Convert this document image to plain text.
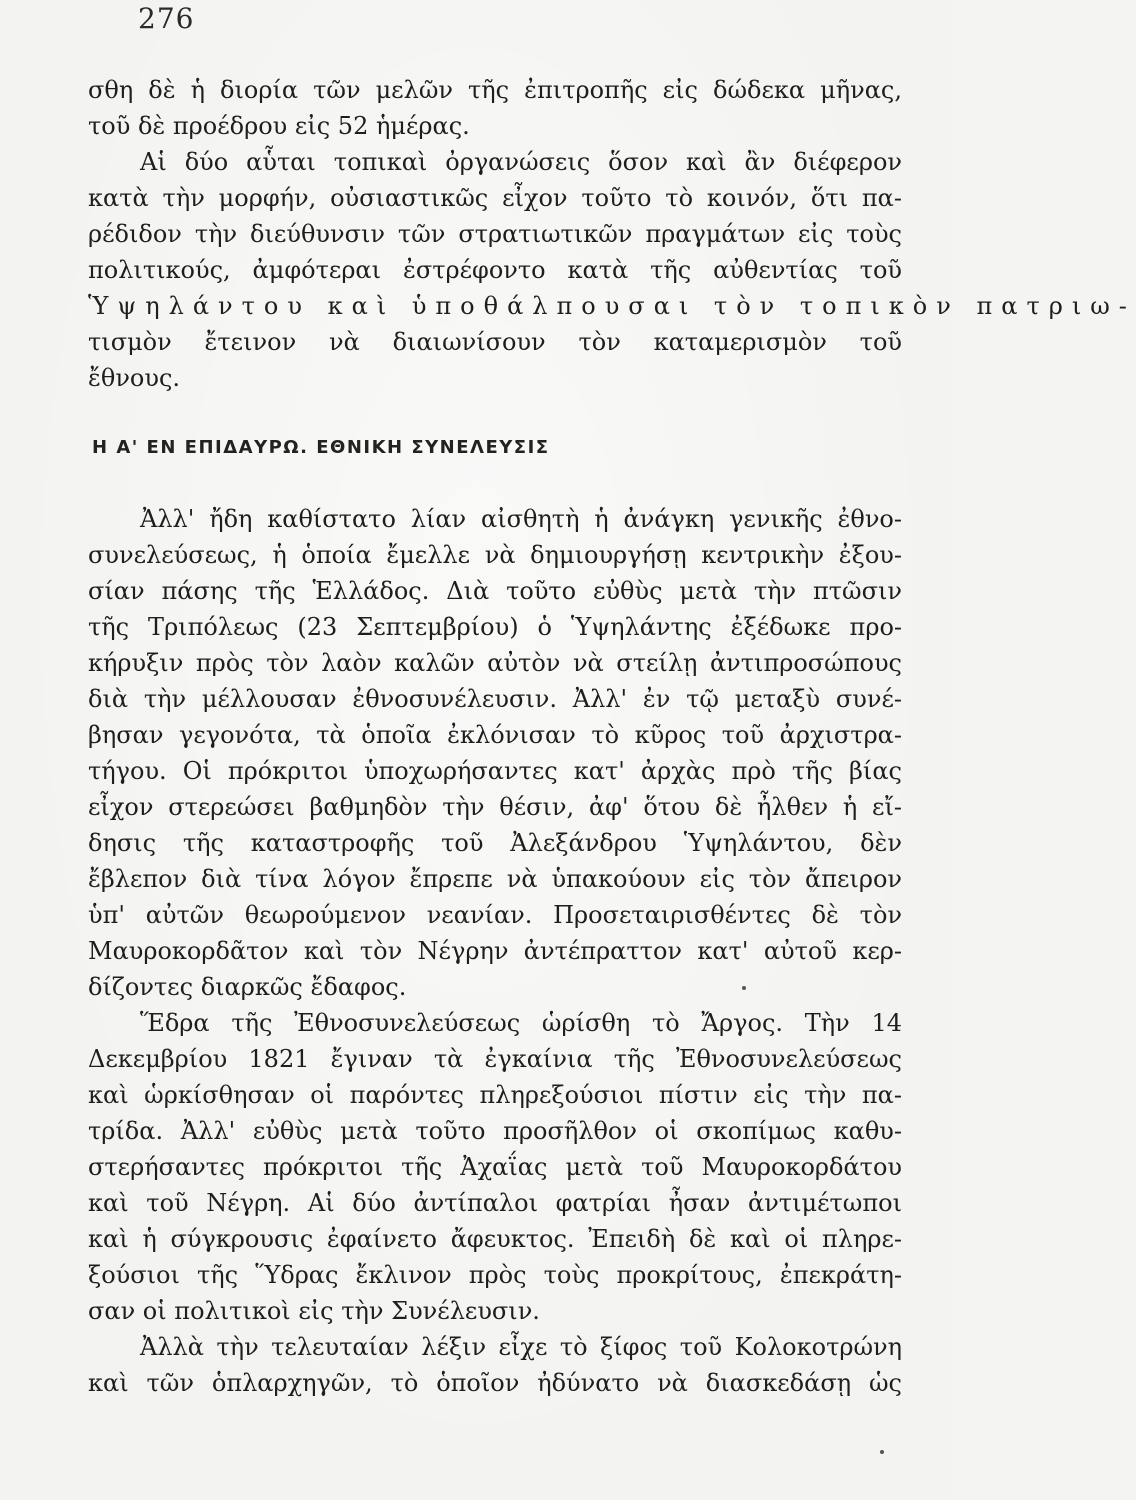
276
σθη δὲ ἡ διορία τῶν μελῶν τῆς ἐπιτροπῆς εἰς δώδεκα μῆνας,
τοῦ δὲ προέδρου εἰς 52 ἡμέρας.
Αἱ δύο αὗται τοπικαὶ ὀργανώσεις ὅσον καὶ ἂν διέφερον
κατὰ τὴν μορφήν, οὐσιαστικῶς εἶχον τοῦτο τὸ κοινόν, ὅτι πα-
ρέδιδον τὴν διεύθυνσιν τῶν στρατιωτικῶν πραγμάτων εἰς τοὺς
πολιτικούς, ἀμφότεραι ἐστρέφοντο κατὰ τῆς αὐθεντίας τοῦ
Ὑψηλάντου καὶ ὑποθάλπουσαι τὸν τοπικὸν πατριω-
τισμὸν ἔτεινον νὰ διαιωνίσουν τὸν καταμερισμὸν τοῦ
ἔθνους.
Η Α' ΕΝ ΕΠΙΔΑΥΡΩ. ΕΘΝΙΚΗ ΣΥΝΕΛΕΥΣΙΣ
Ἀλλ' ἤδη καθίστατο λίαν αἰσθητὴ ἡ ἀνάγκη γενικῆς ἐθνο-
συνελεύσεως, ἡ ὁποία ἔμελλε νὰ δημιουργήσῃ κεντρικὴν ἐξου-
σίαν πάσης τῆς Ἑλλάδος. Διὰ τοῦτο εὐθὺς μετὰ τὴν πτῶσιν
τῆς Τριπόλεως (23 Σεπτεμβρίου) ὁ Ὑψηλάντης ἐξέδωκε προ-
κήρυξιν πρὸς τὸν λαὸν καλῶν αὐτὸν νὰ στείλῃ ἀντιπροσώπους
διὰ τὴν μέλλουσαν ἐθνοσυνέλευσιν. Ἀλλ' ἐν τῷ μεταξὺ συνέ-
βησαν γεγονότα, τὰ ὁποῖα ἐκλόνισαν τὸ κῦρος τοῦ ἀρχιστρα-
τήγου. Οἱ πρόκριτοι ὑποχωρήσαντες κατ' ἀρχὰς πρὸ τῆς βίας
εἶχον στερεώσει βαθμηδὸν τὴν θέσιν, ἀφ' ὅτου δὲ ἦλθεν ἡ εἴ-
δησις τῆς καταστροφῆς τοῦ Ἀλεξάνδρου Ὑψηλάντου, δὲν
ἔβλεπον διὰ τίνα λόγον ἔπρεπε νὰ ὑπακούουν εἰς τὸν ἄπειρον
ὑπ' αὐτῶν θεωρούμενον νεανίαν. Προσεταιρισθέντες δὲ τὸν
Μαυροκορδᾶτον καὶ τὸν Νέγρην ἀντέπραττον κατ' αὐτοῦ κερ-
δίζοντες διαρκῶς ἔδαφος.
Ἕδρα τῆς Ἐθνοσυνελεύσεως ὡρίσθη τὸ Ἄργος. Τὴν 14
Δεκεμβρίου 1821 ἔγιναν τὰ ἐγκαίνια τῆς Ἐθνοσυνελεύσεως
καὶ ὡρκίσθησαν οἱ παρόντες πληρεξούσιοι πίστιν εἰς τὴν πα-
τρίδα. Ἀλλ' εὐθὺς μετὰ τοῦτο προσῆλθον οἱ σκοπίμως καθυ-
στερήσαντες πρόκριτοι τῆς Ἀχαΐας μετὰ τοῦ Μαυροκορδάτου
καὶ τοῦ Νέγρη. Αἱ δύο ἀντίπαλοι φατρίαι ἦσαν ἀντιμέτωποι
καὶ ἡ σύγκρουσις ἐφαίνετο ἄφευκτος. Ἐπειδὴ δὲ καὶ οἱ πληρε-
ξούσιοι τῆς Ὕδρας ἔκλινον πρὸς τοὺς προκρίτους, ἐπεκράτη-
σαν οἱ πολιτικοὶ εἰς τὴν Συνέλευσιν.
Ἀλλὰ τὴν τελευταίαν λέξιν εἶχε τὸ ξίφος τοῦ Κολοκοτρώνη
καὶ τῶν ὁπλαρχηγῶν, τὸ ὁποῖον ἠδύνατο νὰ διασκεδάσῃ ὡς
